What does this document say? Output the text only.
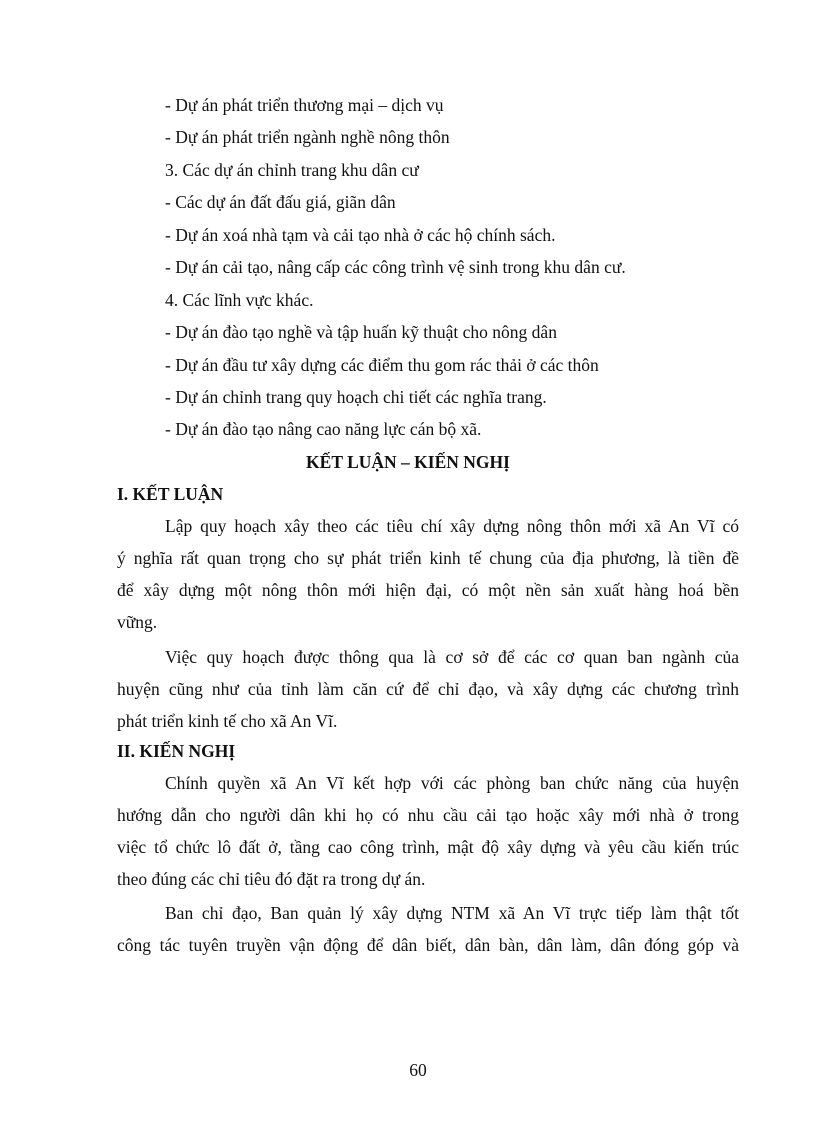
- Dự án phát triển thương mại – dịch vụ
- Dự án phát triển ngành nghề nông thôn
3. Các dự án chỉnh trang khu dân cư
- Các dự án đất đấu giá, giãn dân
- Dự án xoá nhà tạm và cải tạo nhà ở các hộ chính sách.
- Dự án cải tạo, nâng cấp các công trình vệ sinh trong khu dân cư.
4. Các lĩnh vực khác.
- Dự án đào tạo nghề và tập huấn kỹ thuật cho nông dân
- Dự án đầu tư xây dựng các điểm thu gom rác thải ở các thôn
- Dự án chỉnh trang quy hoạch chi tiết các nghĩa trang.
- Dự án đào tạo nâng cao năng lực cán bộ xã.
KẾT LUẬN – KIẾN NGHỊ
I. KẾT LUẬN
Lập quy hoạch xây theo các tiêu chí xây dựng nông thôn mới xã An Vĩ có
ý nghĩa rất quan trọng cho sự phát triển kinh tế chung của địa phương, là tiền đề
để xây dựng một nông thôn mới hiện đại, có một nền sản xuất hàng hoá bền
vững.
Việc quy hoạch được thông qua là cơ sở để các cơ quan ban ngành của
huyện cũng như của tỉnh làm căn cứ để chỉ đạo, và xây dựng các chương trình
phát triển kinh tế cho xã An Vĩ.
II. KIẾN NGHỊ
Chính quyền xã An Vĩ kết hợp với các phòng ban chức năng của huyện
hướng dẫn cho người dân khi họ có nhu cầu cải tạo hoặc xây mới nhà ở trong
việc tổ chức lô đất ở, tầng cao công trình, mật độ xây dựng và yêu cầu kiến trúc
theo đúng các chỉ tiêu đó đặt ra trong dự án.
Ban chỉ đạo, Ban quản lý xây dựng NTM xã An Vĩ trực tiếp làm thật tốt
công tác tuyên truyền vận động để dân biết, dân bàn, dân làm, dân đóng góp và
60
